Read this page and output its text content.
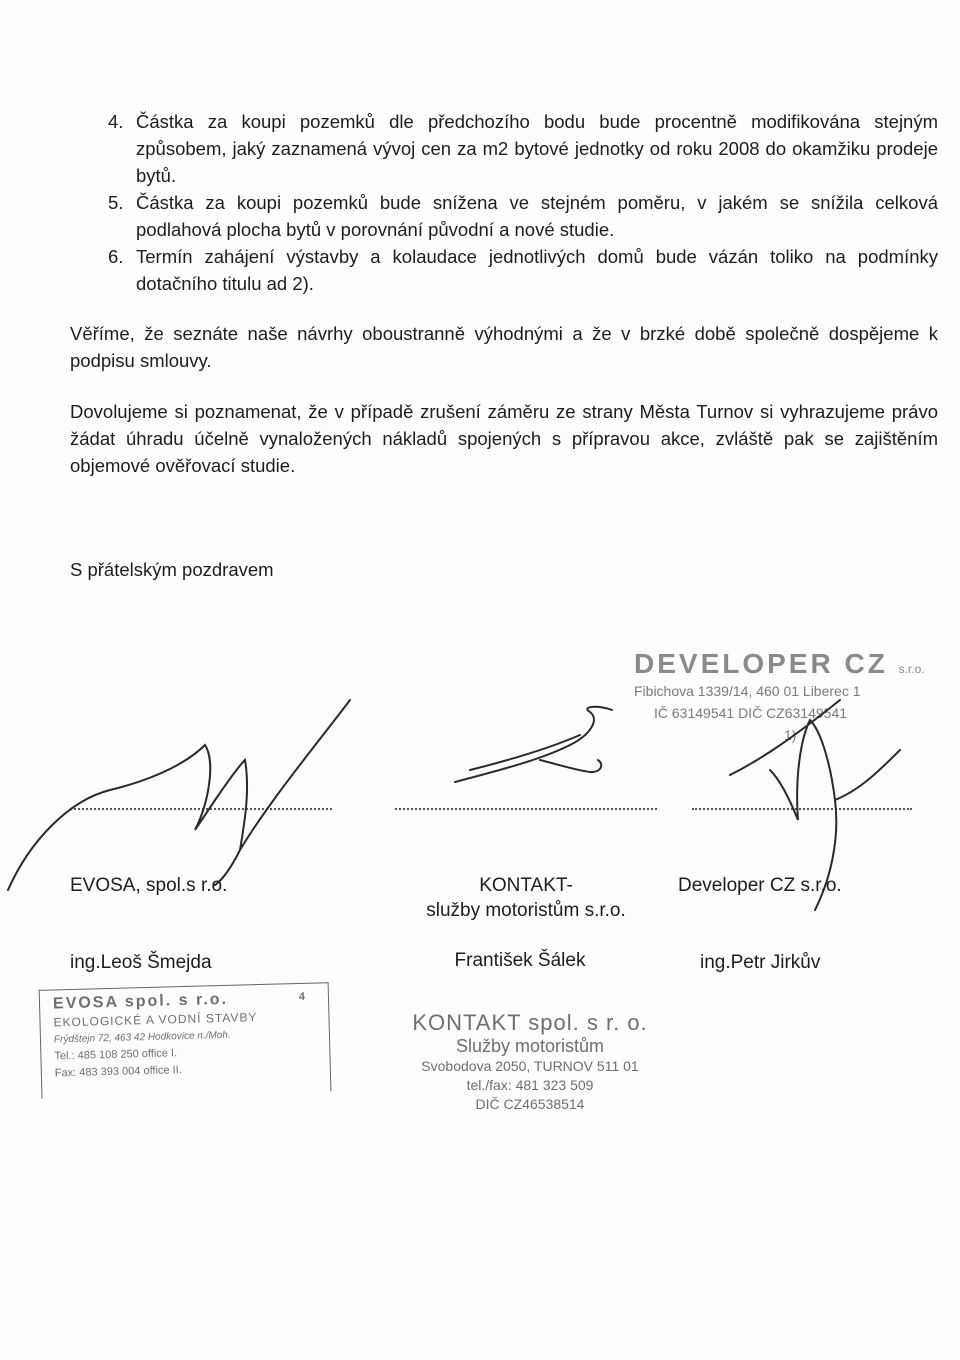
4. Částka za koupi pozemků dle předchozího bodu bude procentně modifikována stejným způsobem, jaký zaznamená vývoj cen za m2 bytové jednotky od roku 2008 do okamžiku prodeje bytů.
5. Částka za koupi pozemků bude snížena ve stejném poměru, v jakém se snížila celková podlahová plocha bytů v porovnání původní a nové studie.
6. Termín zahájení výstavby a kolaudace jednotlivých domů bude vázán toliko na podmínky dotačního titulu ad 2).
Věříme, že seznáte naše návrhy oboustranně výhodnými a že v brzké době společně dospějeme k podpisu smlouvy.
Dovolujeme si poznamenat, že v případě zrušení záměru ze strany Města Turnov si vyhrazujeme právo žádat úhradu účelně vynaložených nákladů spojených s přípravou akce, zvláště pak se zajištěním objemové ověřovací studie.
S přátelským pozdravem
DEVELOPER CZ s.r.o.
Fibichova 1339/14, 460 01 Liberec 1
IČ 63149541 DIČ CZ63149541
1)
EVOSA, spol.s r.o.	KONTAKT-
služby motoristům s.r.o.
Developer CZ s.r.o.
ing.Leoš Šmejda	František Šálek	ing.Petr Jirkův
EVOSA spol. s r.o.	4
EKOLOGICKÉ A VODNÍ STAVBY
Frýdštejn 72, 463 42 Hodkovice n./Moh.
Tel.: 485 108 250 office I.
Fax: 483 393 004 office II.
KONTAKT spol. s r. o.
Služby motoristům
Svobodova 2050, TURNOV 511 01
tel./fax: 481 323 509
DIČ CZ46538514
